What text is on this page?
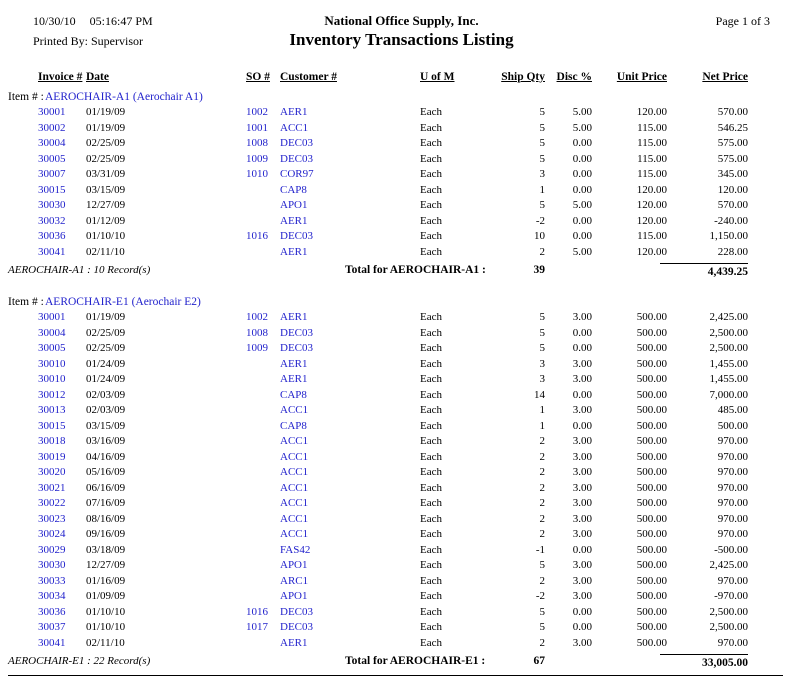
10/30/10 05:16:47 PM	National Office Supply, Inc.	Page 1 of 3
Printed By: Supervisor	Inventory Transactions Listing
Invoice #	Date	SO #	Customer #	U of M	Ship Qty	Disc %	Unit Price	Net Price
Item # : AEROCHAIR-A1 (Aerochair A1)
30001	01/19/09	1002	AER1	Each	5	5.00	120.00	570.00
30002	01/19/09	1001	ACC1	Each	5	5.00	115.00	546.25
30004	02/25/09	1008	DEC03	Each	5	0.00	115.00	575.00
30005	02/25/09	1009	DEC03	Each	5	0.00	115.00	575.00
30007	03/31/09	1010	COR97	Each	3	0.00	115.00	345.00
30015	03/15/09		CAP8	Each	1	0.00	120.00	120.00
30030	12/27/09		APO1	Each	5	5.00	120.00	570.00
30032	01/12/09		AER1	Each	-2	0.00	120.00	-240.00
30036	01/10/10	1016	DEC03	Each	10	0.00	115.00	1,150.00
30041	02/11/10		AER1	Each	2	5.00	120.00	228.00
AEROCHAIR-A1 : 10 Record(s)	Total for AEROCHAIR-A1 :	39	4,439.25
Item # : AEROCHAIR-E1 (Aerochair E2)
30001	01/19/09	1002	AER1	Each	5	3.00	500.00	2,425.00
30004	02/25/09	1008	DEC03	Each	5	0.00	500.00	2,500.00
30005	02/25/09	1009	DEC03	Each	5	0.00	500.00	2,500.00
30010	01/24/09		AER1	Each	3	3.00	500.00	1,455.00
30010	01/24/09		AER1	Each	3	3.00	500.00	1,455.00
30012	02/03/09		CAP8	Each	14	0.00	500.00	7,000.00
30013	02/03/09		ACC1	Each	1	3.00	500.00	485.00
30015	03/15/09		CAP8	Each	1	0.00	500.00	500.00
30018	03/16/09		ACC1	Each	2	3.00	500.00	970.00
30019	04/16/09		ACC1	Each	2	3.00	500.00	970.00
30020	05/16/09		ACC1	Each	2	3.00	500.00	970.00
30021	06/16/09		ACC1	Each	2	3.00	500.00	970.00
30022	07/16/09		ACC1	Each	2	3.00	500.00	970.00
30023	08/16/09		ACC1	Each	2	3.00	500.00	970.00
30024	09/16/09		ACC1	Each	2	3.00	500.00	970.00
30029	03/18/09		FAS42	Each	-1	0.00	500.00	-500.00
30030	12/27/09		APO1	Each	5	3.00	500.00	2,425.00
30033	01/16/09		ARC1	Each	2	3.00	500.00	970.00
30034	01/09/09		APO1	Each	-2	3.00	500.00	-970.00
30036	01/10/10	1016	DEC03	Each	5	0.00	500.00	2,500.00
30037	01/10/10	1017	DEC03	Each	5	0.00	500.00	2,500.00
30041	02/11/10		AER1	Each	2	3.00	500.00	970.00
AEROCHAIR-E1 : 22 Record(s)	Total for AEROCHAIR-E1 :	67	33,005.00
